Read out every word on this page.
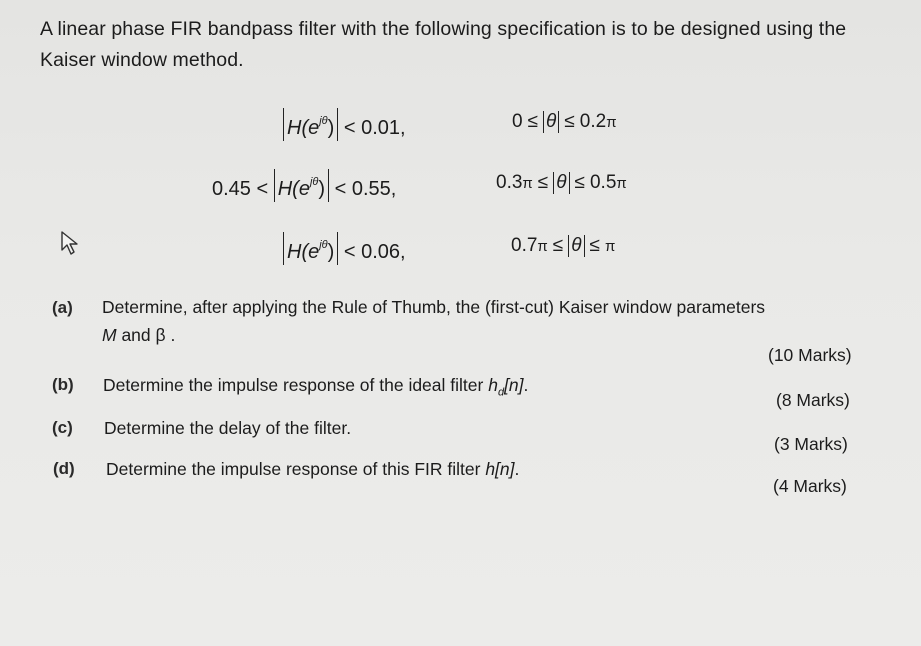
A linear phase FIR bandpass filter with the following specification is to be designed using the
Kaiser window method.
$H(e^{j\theta}) < 0.01$,	0 ≤ θ ≤ 0.2π
$0.45 < H(e^{j\theta}) < 0.55$,	0.3π ≤ θ ≤ 0.5π
$H(e^{j\theta}) < 0.06$,	0.7π ≤ θ ≤ π
(a) Determine, after applying the Rule of Thumb, the (first-cut) Kaiser window parameters
M and β .
(10 Marks)
(b) Determine the impulse response of the ideal filter $h_d[n]$.
(8 Marks)
(c) Determine the delay of the filter.
(3 Marks)
(d) Determine the impulse response of this FIR filter h[n].
(4 Marks)
